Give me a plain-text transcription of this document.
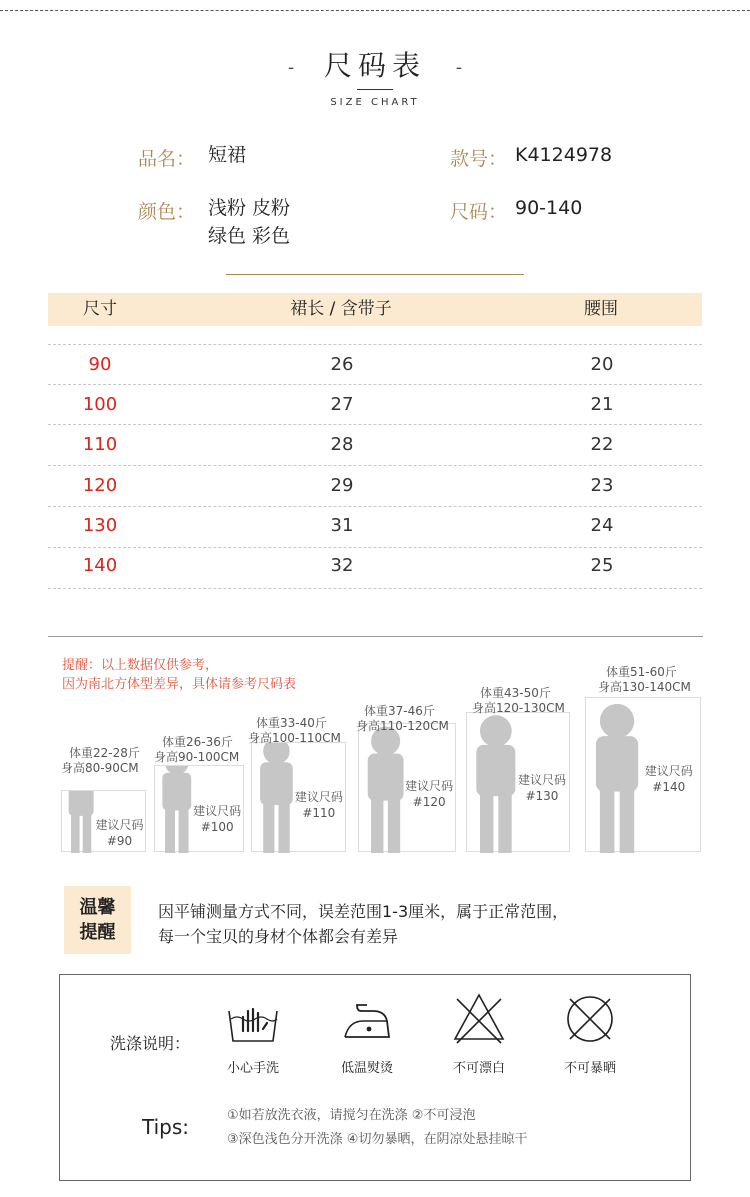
- 尺码表 -
SIZE CHART
品名： 短裙	款号： K4124978
颜色： 浅粉 皮粉
绿色 彩色
尺码： 90-140
尺寸	裙长 / 含带子	腰围
90	26	20
100	27	21
110	28	22
120	29	23
130	31	24
140	32	25
提醒：以上数据仅供参考，
因为南北方体型差异，具体请参考尺码表
建议尺码
#90
体重22-28斤
身高80-90CM
建议尺码
#100
体重26-36斤
身高90-100CM
建议尺码
#110
体重33-40斤
身高100-110CM
建议尺码
#120
体重37-46斤
身高110-120CM
建议尺码
#130
体重43-50斤
身高120-130CM
建议尺码
#140
体重51-60斤
身高130-140CM
温馨
提醒
因平铺测量方式不同，误差范围1-3厘米，属于正常范围，
每一个宝贝的身材个体都会有差异
洗涤说明：
小心手洗	低温熨烫	不可漂白	不可暴晒
Tips:	①如若放洗衣液，请搅匀在洗涤 ②不可浸泡
③深色浅色分开洗涤 ④切勿暴晒，在阴凉处悬挂晾干
